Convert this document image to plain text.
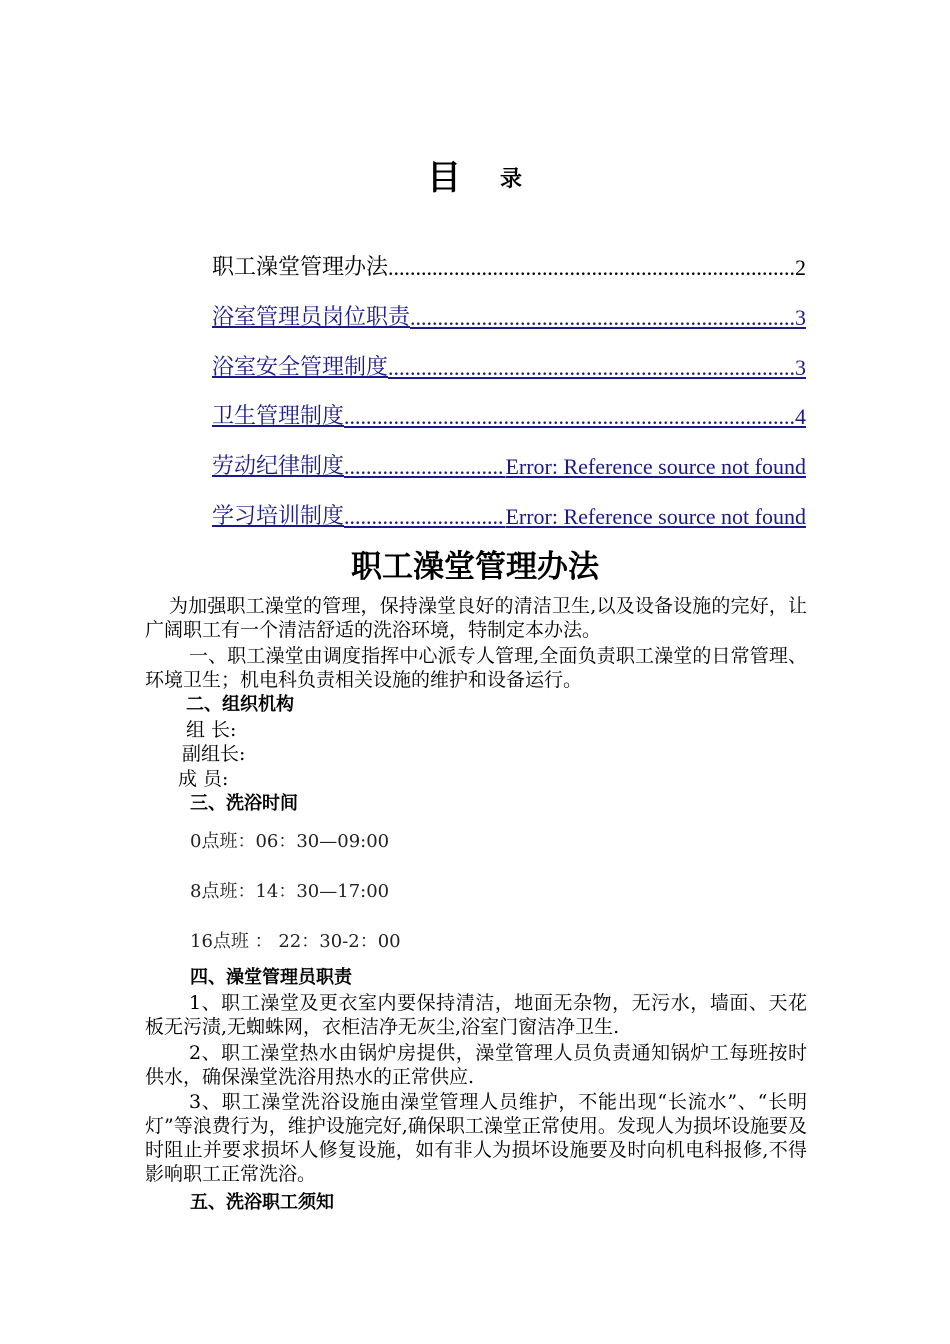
目 录
职工澡堂管理办法 .....	2
浴室管理员岗位职责 .....	3
浴室安全管理制度 .....	3
卫生管理制度 .....	4
劳动纪律制度 .....	Error: Reference source not found
学习培训制度 .....	Error: Reference source not found
职工澡堂管理办法
为加强职工澡堂的管理，保持澡堂良好的清洁卫生,以及设备设施的完好，让广阔职工有一个清洁舒适的洗浴环境，特制定本办法。
一、职工澡堂由调度指挥中心派专人管理,全面负责职工澡堂的日常管理、环境卫生；机电科负责相关设施的维护和设备运行。
二、组织机构
组 长:
副组长:
成 员:
三、洗浴时间
0点班：06：30—09:00
8点班：14：30—17:00
16点班 ： 22：30-2：00
四、澡堂管理员职责
1、职工澡堂及更衣室内要保持清洁，地面无杂物，无污水，墙面、天花板无污渍,无蜘蛛网，衣柜洁净无灰尘,浴室门窗洁净卫生.
2、职工澡堂热水由锅炉房提供，澡堂管理人员负责通知锅炉工每班按时供水，确保澡堂洗浴用热水的正常供应.
3、职工澡堂洗浴设施由澡堂管理人员维护，不能出现“长流水”、“长明灯”等浪费行为，维护设施完好,确保职工澡堂正常使用。发现人为损坏设施要及时阻止并要求损坏人修复设施，如有非人为损坏设施要及时向机电科报修,不得影响职工正常洗浴。
五、洗浴职工须知
